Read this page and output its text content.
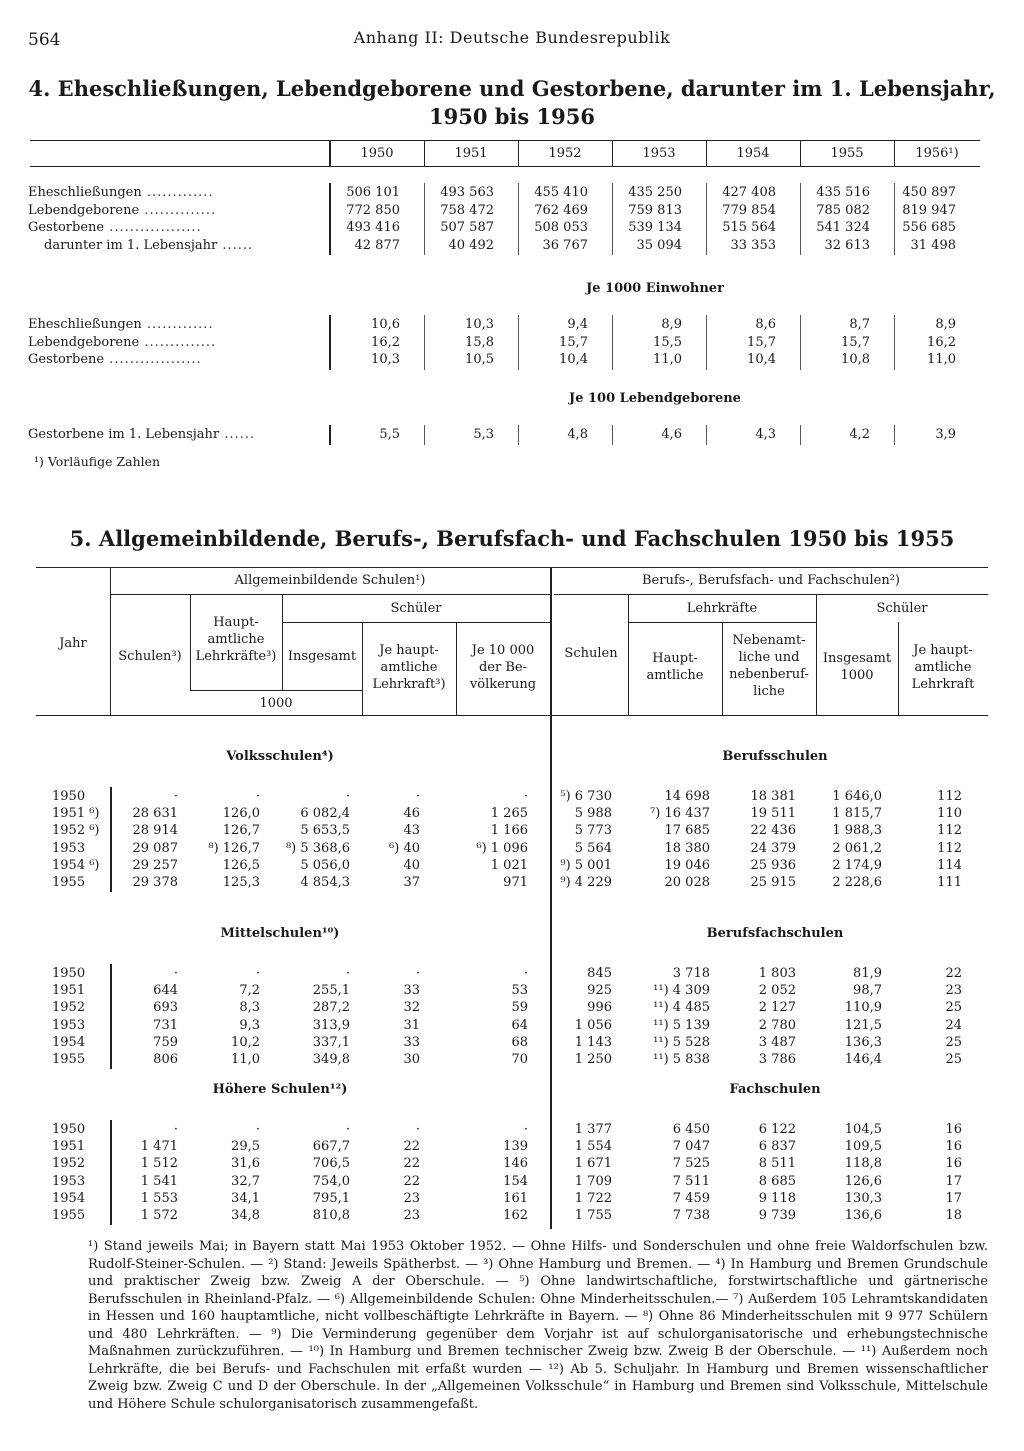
564	Anhang II: Deutsche Bundesrepublik
4. Eheschließungen, Lebendgeborene und Gestorbene, darunter im 1. Lebensjahr,
1950 bis 1956
1950	1951	1952	1953	1954	1955	1956¹)
Eheschließungen .............	506 101	493 563	455 410	435 250	427 408	435 516	450 897
Lebendgeborene ..............	772 850	758 472	762 469	759 813	779 854	785 082	819 947
Gestorbene ..................	493 416	507 587	508 053	539 134	515 564	541 324	556 685
darunter im 1. Lebensjahr ......	42 877	40 492	36 767	35 094	33 353	32 613	31 498
Eheschließungen .............	10,6	10,3	9,4	8,9	8,6	8,7	8,9
Lebendgeborene ..............	16,2	15,8	15,7	15,5	15,7	15,7	16,2
Gestorbene ..................	10,3	10,5	10,4	11,0	10,4	10,8	11,0
Gestorbene im 1. Lebensjahr ......	5,5	5,3	4,8	4,6	4,3	4,2	3,9
Je 1000 Einwohner
Je 100 Lebendgeborene
¹) Vorläufige Zahlen
5. Allgemeinbildende, Berufs-, Berufsfach- und Fachschulen 1950 bis 1955
Jahr
Allgemeinbildende Schulen¹)	Berufs-, Berufsfach- und Fachschulen²)
Schulen³)
Haupt-
amtliche
Lehrkräfte³)
Schüler
Insgesamt	Je haupt-
amtliche
Lehrkraft³)
Je 10 000
der Be-
völkerung
1000
Schulen
Lehrkräfte	Schüler
Haupt-
amtliche
Nebenamt-
liche und
nebenberuf-
liche
Insgesamt
1000
Je haupt-
amtliche
Lehrkraft
Volksschulen⁴)	Berufsschulen
1950	·	·	·	·	·	⁵) 6 730	14 698	18 381	1 646,0	112
1951 ⁶)	28 631	126,0	6 082,4	46	1 265	5 988	⁷) 16 437	19 511	1 815,7	110
1952 ⁶)	28 914	126,7	5 653,5	43	1 166	5 773	17 685	22 436	1 988,3	112
1953	29 087	⁸) 126,7	⁸) 5 368,6	⁶) 40	⁶) 1 096	5 564	18 380	24 379	2 061,2	112
1954 ⁶)	29 257	126,5	5 056,0	40	1 021	⁹) 5 001	19 046	25 936	2 174,9	114
1955	29 378	125,3	4 854,3	37	971	⁹) 4 229	20 028	25 915	2 228,6	111
Mittelschulen¹⁰)	Berufsfachschulen
1950	·	·	·	·	·	845	3 718	1 803	81,9	22
1951	644	7,2	255,1	33	53	925	¹¹) 4 309	2 052	98,7	23
1952	693	8,3	287,2	32	59	996	¹¹) 4 485	2 127	110,9	25
1953	731	9,3	313,9	31	64	1 056	¹¹) 5 139	2 780	121,5	24
1954	759	10,2	337,1	33	68	1 143	¹¹) 5 528	3 487	136,3	25
1955	806	11,0	349,8	30	70	1 250	¹¹) 5 838	3 786	146,4	25
Höhere Schulen¹²)	Fachschulen
1950	·	·	·	·	·	1 377	6 450	6 122	104,5	16
1951	1 471	29,5	667,7	22	139	1 554	7 047	6 837	109,5	16
1952	1 512	31,6	706,5	22	146	1 671	7 525	8 511	118,8	16
1953	1 541	32,7	754,0	22	154	1 709	7 511	8 685	126,6	17
1954	1 553	34,1	795,1	23	161	1 722	7 459	9 118	130,3	17
1955	1 572	34,8	810,8	23	162	1 755	7 738	9 739	136,6	18

¹) Stand jeweils Mai; in Bayern statt Mai 1953 Oktober 1952. — Ohne Hilfs- und Sonderschulen und ohne freie Waldorfschulen bzw. Rudolf-Steiner-Schulen. — ²) Stand: Jeweils Spätherbst. — ³) Ohne Hamburg und Bremen. — ⁴) In Hamburg und Bremen Grundschule und praktischer Zweig bzw. Zweig A der Oberschule. — ⁵) Ohne landwirtschaftliche, forstwirtschaftliche und gärtnerische Berufsschulen in Rheinland-Pfalz. — ⁶) Allgemeinbildende Schulen: Ohne Minderheitsschulen.— ⁷) Außerdem 105 Lehramtskandidaten in Hessen und 160 hauptamtliche, nicht vollbeschäftigte Lehrkräfte in Bayern. — ⁸) Ohne 86 Minderheitsschulen mit 9 977 Schülern und 480 Lehrkräften. — ⁹) Die Verminderung gegenüber dem Vorjahr ist auf schulorganisatorische und erhebungstechnische Maßnahmen zurückzuführen. — ¹⁰) In Hamburg und Bremen technischer Zweig bzw. Zweig B der Oberschule. — ¹¹) Außerdem noch Lehrkräfte, die bei Berufs- und Fachschulen mit erfaßt wurden — ¹²) Ab 5. Schuljahr. In Hamburg und Bremen wissenschaftlicher Zweig bzw. Zweig C und D der Oberschule. In der „Allgemeinen Volksschule“ in Hamburg und Bremen sind Volksschule, Mittelschule und Höhere Schule schulorganisatorisch zusammengefaßt.
